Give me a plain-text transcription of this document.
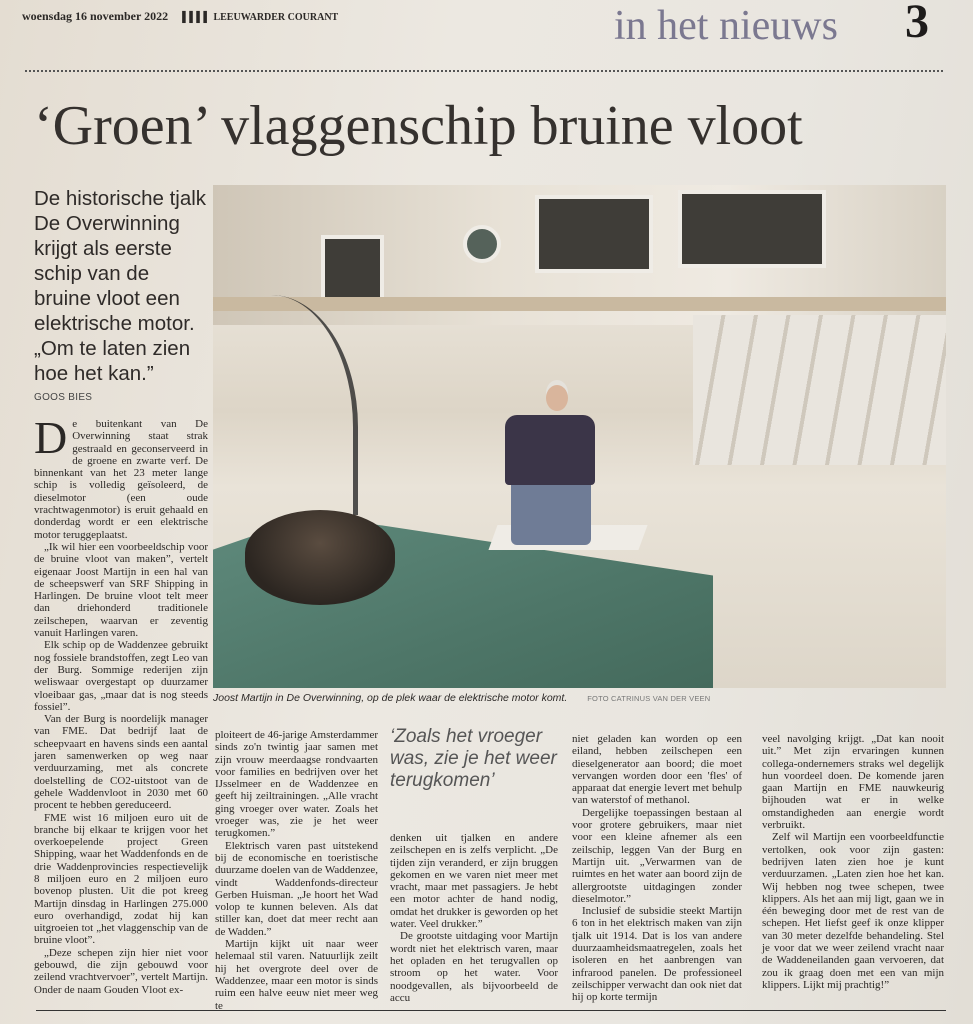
woensdag 16 november 2022 ▌▌▌▌ LEEUWARDER COURANT	in het nieuws 3
‘Groen’ vlaggenschip bruine vloot

De historische tjalk De Overwinning krijgt als eerste schip van de bruine vloot een elektrische motor. „Om te laten zien hoe het kan.”

GOOS BIES

De buitenkant van De Overwinning staat strak gestraald en geconserveerd in de groene en zwarte verf. De binnenkant van het 23 meter lange schip is volledig geïsoleerd, de dieselmotor (een oude vrachtwagenmotor) is eruit gehaald en donderdag wordt er een elektrische motor teruggeplaatst.

„Ik wil hier een voorbeeldschip voor de bruine vloot van maken”, vertelt eigenaar Joost Martijn in een hal van de scheepswerf van SRF Shipping in Harlingen. De bruine vloot telt meer dan driehonderd traditionele zeilschepen, waarvan er zeventig vanuit Harlingen varen.

Elk schip op de Waddenzee gebruikt nog fossiele brandstoffen, zegt Leo van der Burg. Sommige rederijen zijn weliswaar overgestapt op duurzamer vloeibaar gas, „maar dat is nog steeds fossiel”.

Van der Burg is noordelijk manager van FME. Dat bedrijf laat de scheepvaart en havens sinds een aantal jaren samenwerken op weg naar verduurzaming, met als concrete doelstelling de CO2-uitstoot van de gehele Waddenvloot in 2030 met 60 procent te hebben gereduceerd.

FME wist 16 miljoen euro uit de branche bij elkaar te krijgen voor het overkoepelende project Green Shipping, waar het Waddenfonds en de drie Waddenprovincies respectievelijk 8 miljoen euro en 2 miljoen euro bovenop plusten. Uit die pot kreeg Martijn dinsdag in Harlingen 275.000 euro overhandigd, zodat hij kan uitgroeien tot „het vlaggenschip van de bruine vloot”.

„Deze schepen zijn hier niet voor gebouwd, die zijn gebouwd voor zeilend vrachtvervoer”, vertelt Martijn. Onder de naam Gouden Vloot ex-

Joost Martijn in De Overwinning, op de plek waar de elektrische motor komt.	FOTO CATRINUS VAN DER VEEN

ploiteert de 46-jarige Amsterdammer sinds zo'n twintig jaar samen met zijn vrouw meerdaagse rondvaarten voor families en bedrijven over het IJsselmeer en de Waddenzee en geeft hij zeiltrainingen. „Alle vracht ging vroeger over water. Zoals het vroeger was, zie je het weer terugkomen.”

Elektrisch varen past uitstekend bij de economische en toeristische duurzame doelen van de Waddenzee, vindt Waddenfonds-directeur Gerben Huisman. „Je hoort het Wad volop te kunnen beleven. Als dat stiller kan, doet dat meer recht aan de Wadden.”

Martijn kijkt uit naar weer helemaal stil varen. Natuurlijk zeilt hij het overgrote deel over de Waddenzee, maar een motor is sinds ruim een halve eeuw niet meer weg te

‘Zoals het vroeger was, zie je het weer terugkomen’

denken uit tjalken en andere zeilschepen en is zelfs verplicht. „De tijden zijn veranderd, er zijn bruggen gekomen en we varen niet meer met vracht, maar met passagiers. Je hebt een motor achter de hand nodig, omdat het drukker is geworden op het water. Veel drukker.”

De grootste uitdaging voor Martijn wordt niet het elektrisch varen, maar het opladen en het terugvallen op stroom op het water. Voor noodgevallen, als bijvoorbeeld de accu

niet geladen kan worden op een eiland, hebben zeilschepen een dieselgenerator aan boord; die moet vervangen worden door een 'fles' of apparaat dat energie levert met behulp van waterstof of methanol.

Dergelijke toepassingen bestaan al voor grotere gebruikers, maar niet voor een kleine afnemer als een zeilschip, leggen Van der Burg en Martijn uit. „Verwarmen van de ruimtes en het water aan boord zijn de allergrootste uitdagingen zonder dieselmotor.”

Inclusief de subsidie steekt Martijn 6 ton in het elektrisch maken van zijn tjalk uit 1914. Dat is los van andere duurzaamheidsmaatregelen, zoals het isoleren en het aanbrengen van infrarood panelen. De professioneel zeilschipper verwacht dan ook niet dat hij op korte termijn

veel navolging krijgt. „Dat kan nooit uit.” Met zijn ervaringen kunnen collega-ondernemers straks wel degelijk hun voordeel doen. De komende jaren gaan Martijn en FME nauwkeurig bijhouden wat er in welke omstandigheden aan energie wordt verbruikt.

Zelf wil Martijn een voorbeeldfunctie vertolken, ook voor zijn gasten: bedrijven laten zien hoe je kunt verduurzamen. „Laten zien hoe het kan. Wij hebben nog twee schepen, twee klippers. Als het aan mij ligt, gaan we in één beweging door met de rest van de schepen. Het liefst geef ik onze klipper van 30 meter dezelfde behandeling. Stel je voor dat we weer zeilend vracht naar de Waddeneilanden gaan vervoeren, dat zou ik graag doen met een van mijn klippers. Lijkt mij prachtig!”
